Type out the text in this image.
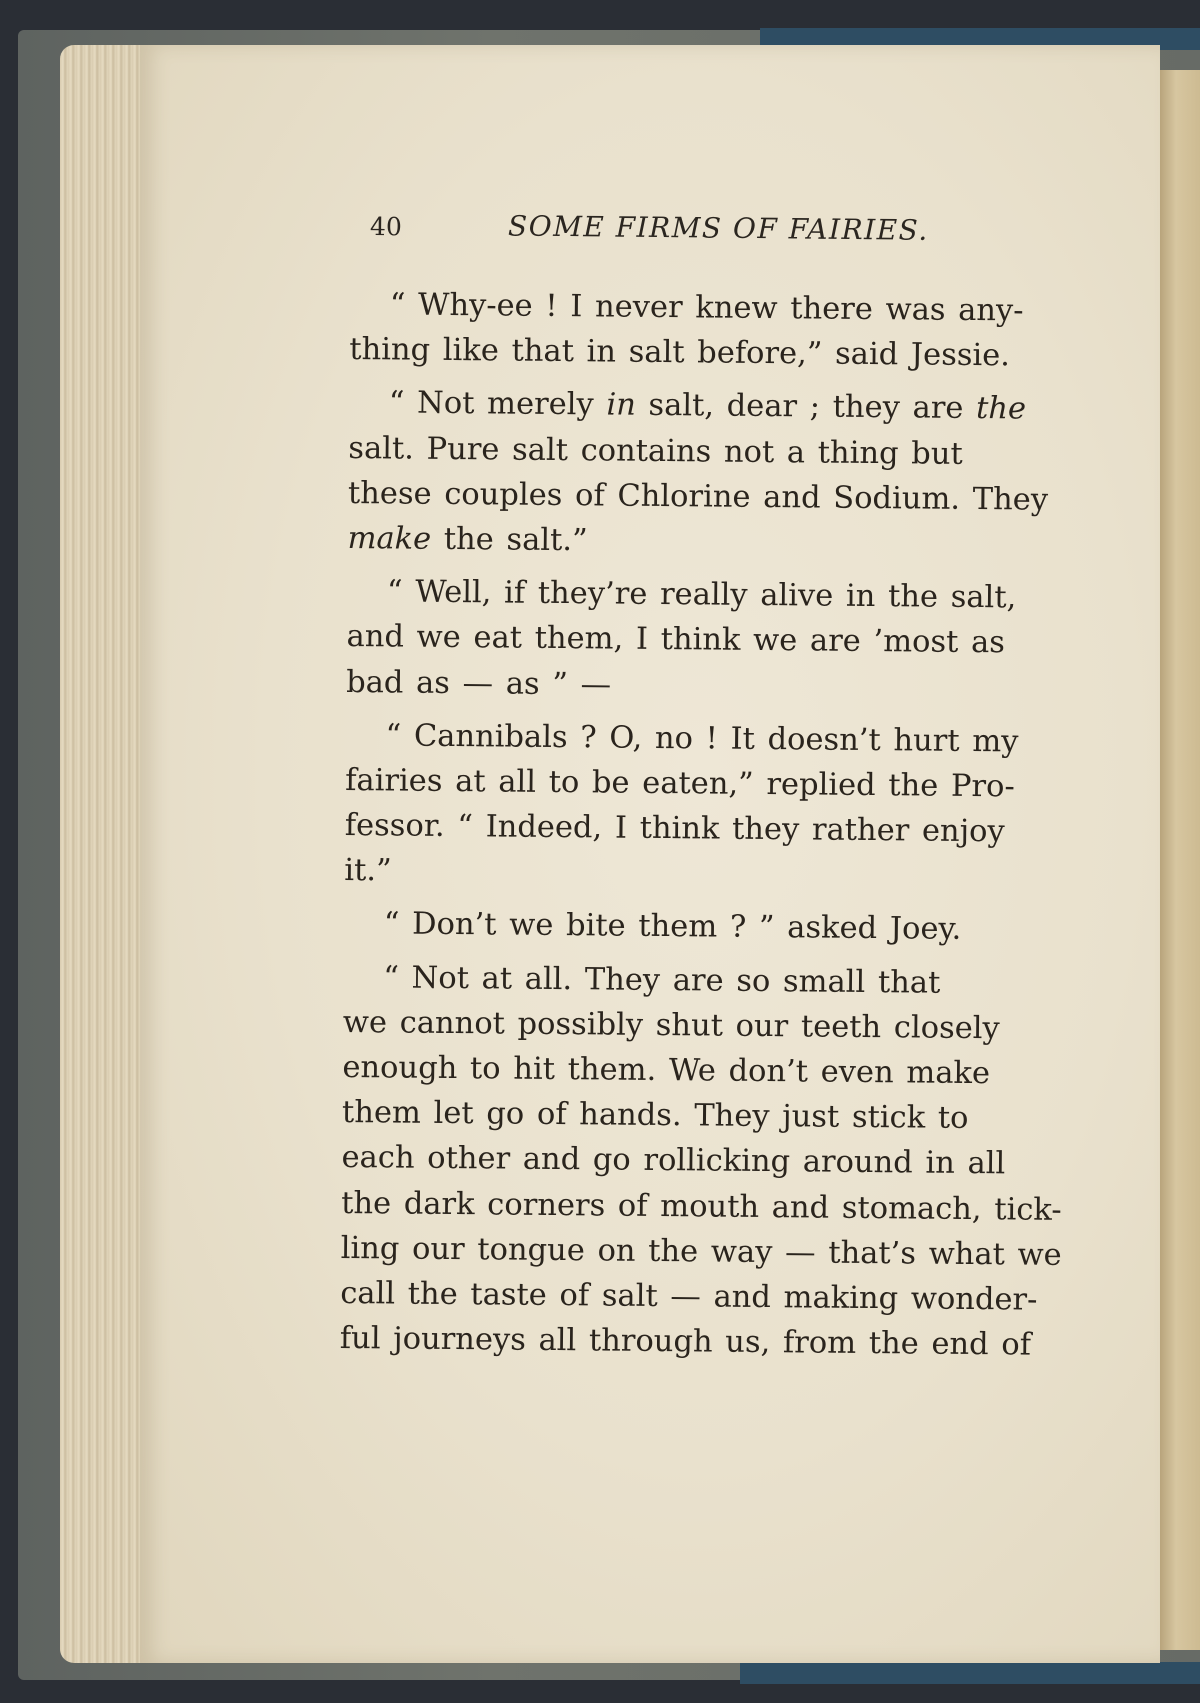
40	SOME FIRMS OF FAIRIES.
“ Why-ee ! I never knew there was any-
thing like that in salt before,” said Jessie.
“ Not merely in salt, dear ; they are the
salt. Pure salt contains not a thing but
these couples of Chlorine and Sodium. They
make the salt.”
“ Well, if they’re really alive in the salt,
and we eat them, I think we are ’most as
bad as — as ” —
“ Cannibals ? O, no ! It doesn’t hurt my
fairies at all to be eaten,” replied the Pro-
fessor. “ Indeed, I think they rather enjoy
it.”
“ Don’t we bite them ? ” asked Joey.
“ Not at all. They are so small that
we cannot possibly shut our teeth closely
enough to hit them. We don’t even make
them let go of hands. They just stick to
each other and go rollicking around in all
the dark corners of mouth and stomach, tick-
ling our tongue on the way — that’s what we
call the taste of salt — and making wonder-
ful journeys all through us, from the end of
